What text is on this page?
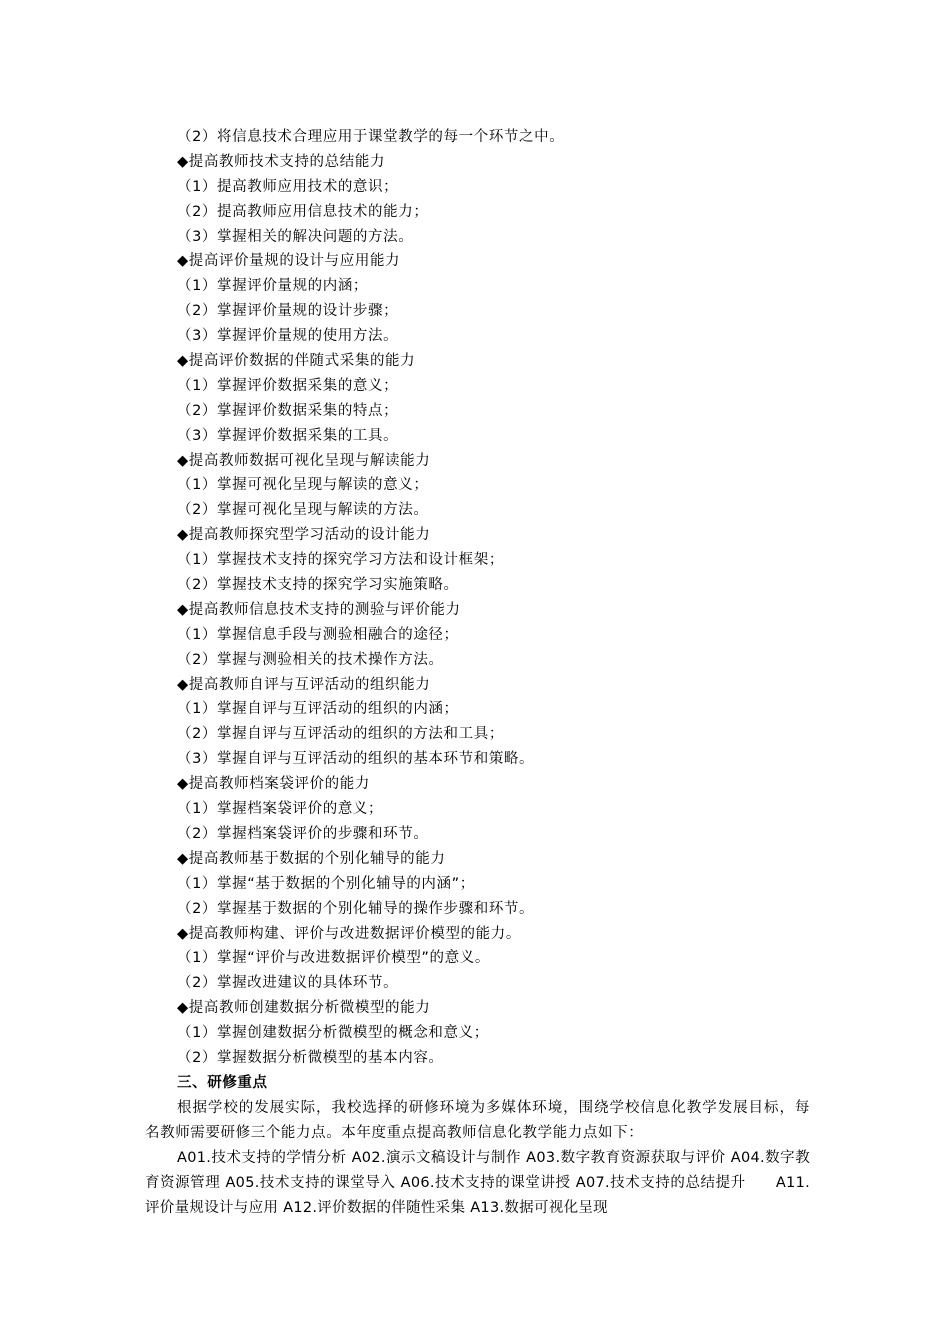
（2）将信息技术合理应用于课堂教学的每一个环节之中。
◆提高教师技术支持的总结能力
（1）提高教师应用技术的意识；
（2）提高教师应用信息技术的能力；
（3）掌握相关的解决问题的方法。
◆提高评价量规的设计与应用能力
（1）掌握评价量规的内涵；
（2）掌握评价量规的设计步骤；
（3）掌握评价量规的使用方法。
◆提高评价数据的伴随式采集的能力
（1）掌握评价数据采集的意义；
（2）掌握评价数据采集的特点；
（3）掌握评价数据采集的工具。
◆提高教师数据可视化呈现与解读能力
（1）掌握可视化呈现与解读的意义；
（2）掌握可视化呈现与解读的方法。
◆提高教师探究型学习活动的设计能力
（1）掌握技术支持的探究学习方法和设计框架；
（2）掌握技术支持的探究学习实施策略。
◆提高教师信息技术支持的测验与评价能力
（1）掌握信息手段与测验相融合的途径；
（2）掌握与测验相关的技术操作方法。
◆提高教师自评与互评活动的组织能力
（1）掌握自评与互评活动的组织的内涵；
（2）掌握自评与互评活动的组织的方法和工具；
（3）掌握自评与互评活动的组织的基本环节和策略。
◆提高教师档案袋评价的能力
（1）掌握档案袋评价的意义；
（2）掌握档案袋评价的步骤和环节。
◆提高教师基于数据的个别化辅导的能力
（1）掌握“基于数据的个别化辅导的内涵”；
（2）掌握基于数据的个别化辅导的操作步骤和环节。
◆提高教师构建、评价与改进数据评价模型的能力。
（1）掌握“评价与改进数据评价模型”的意义。
（2）掌握改进建议的具体环节。
◆提高教师创建数据分析微模型的能力
（1）掌握创建数据分析微模型的概念和意义；
（2）掌握数据分析微模型的基本内容。
三、研修重点
根据学校的发展实际，我校选择的研修环境为多媒体环境，围绕学校信息化教学发展目标，每名教师需要研修三个能力点。本年度重点提高教师信息化教学能力点如下：
A01.技术支持的学情分析 A02.演示文稿设计与制作 A03.数字教育资源获取与评价 A04.数字教育资源管理 A05.技术支持的课堂导入 A06.技术支持的课堂讲授 A07.技术支持的总结提升　　A11.评价量规设计与应用 A12.评价数据的伴随性采集 A13.数据可视化呈现
